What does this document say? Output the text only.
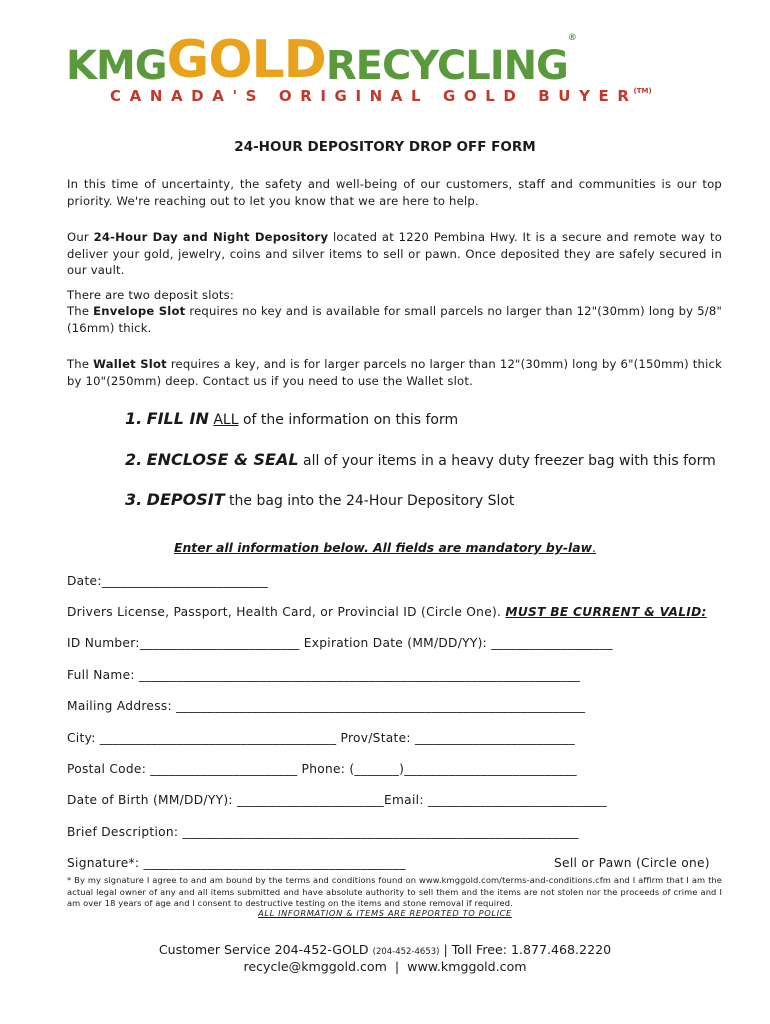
KMGGOLDRECYCLING®
CANADA'S ORIGINAL GOLD $BUYER^{(TM)}$
24-HOUR DEPOSITORY DROP OFF FORM
In this time of uncertainty, the safety and well-being of our customers, staff and communities is our top priority. We're reaching out to let you know that we are here to help.
Our 24-Hour Day and Night Depository located at 1220 Pembina Hwy. It is a secure and remote way to deliver your gold, jewelry, coins and silver items to sell or pawn. Once deposited they are safely secured in our vault.
There are two deposit slots:
The Envelope Slot requires no key and is available for small parcels no larger than 12"(30mm) long by 5/8"(16mm) thick.
The Wallet Slot requires a key, and is for larger parcels no larger than 12"(30mm) long by 6"(150mm) thick by 10"(250mm) deep. Contact us if you need to use the Wallet slot.
1. FILL IN ALL of the information on this form
2. ENCLOSE & SEAL all of your items in a heavy duty freezer bag with this form
3. DEPOSIT the bag into the 24-Hour Depository Slot
Enter all information below. All fields are mandatory by-law.
Date:__________________________
Drivers License, Passport, Health Card, or Provincial ID (Circle One). MUST BE CURRENT & VALID:
ID Number:_________________________ Expiration Date (MM/DD/YY): ___________________
Full Name: _____________________________________________________________________
Mailing Address: ________________________________________________________________
City: _____________________________________ Prov/State: _________________________
Postal Code: _______________________ Phone: (_______)___________________________
Date of Birth (MM/DD/YY): _______________________Email: ____________________________
Brief Description: ______________________________________________________________
Signature*: _________________________________________	Sell or Pawn (Circle one)
* By my signature I agree to and am bound by the terms and conditions found on www.kmggold.com/terms-and-conditions.cfm and I affirm that I am the actual legal owner of any and all items submitted and have absolute authority to sell them and the items are not stolen nor the proceeds of crime and I am over 18 years of age and I consent to destructive testing on the items and stone removal if required.
ALL INFORMATION & ITEMS ARE REPORTED TO POLICE
Customer Service 204-452-GOLD (204-452-4653) | Toll Free: 1.877.468.2220
recycle@kmggold.com  |  www.kmggold.com
